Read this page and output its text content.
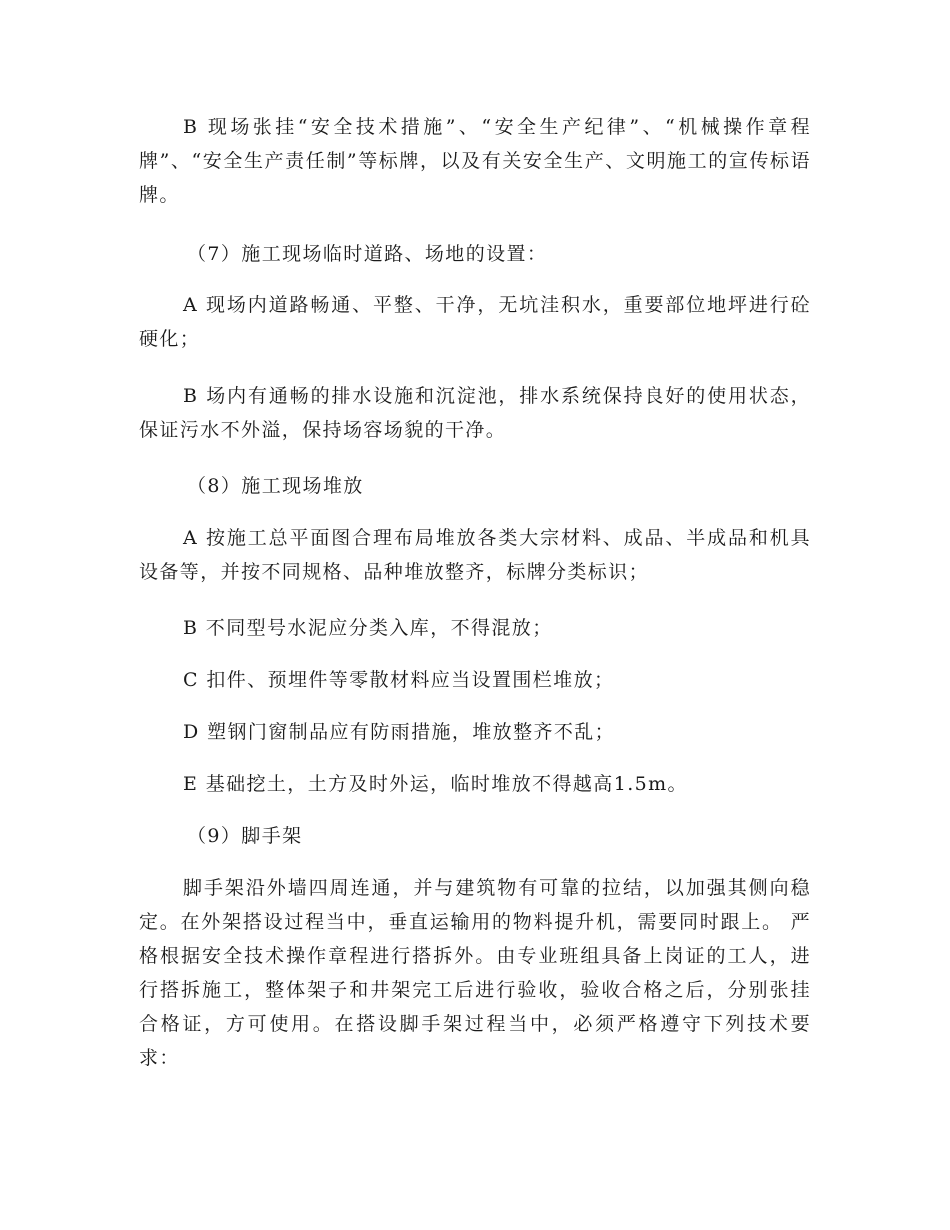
B 现场张挂“安全技术措施”、“安全生产纪律”、“机械操作章程牌”、“安全生产责任制”等标牌，以及有关安全生产、文明施工的宣传标语牌。

（7）施工现场临时道路、场地的设置：

A 现场内道路畅通、平整、干净，无坑洼积水，重要部位地坪进行砼硬化；

B 场内有通畅的排水设施和沉淀池，排水系统保持良好的使用状态，保证污水不外溢，保持场容场貌的干净。

（8）施工现场堆放

A 按施工总平面图合理布局堆放各类大宗材料、成品、半成品和机具设备等，并按不同规格、品种堆放整齐，标牌分类标识；

B 不同型号水泥应分类入库，不得混放；

C 扣件、预埋件等零散材料应当设置围栏堆放；

D 塑钢门窗制品应有防雨措施，堆放整齐不乱；

E 基础挖土，土方及时外运，临时堆放不得越高1.5m。

（9）脚手架

脚手架沿外墙四周连通，并与建筑物有可靠的拉结，以加强其侧向稳定。在外架搭设过程当中，垂直运输用的物料提升机，需要同时跟上。 严格根据安全技术操作章程进行搭拆外。由专业班组具备上岗证的工人，进行搭拆施工，整体架子和井架完工后进行验收，验收合格之后，分别张挂合格证，方可使用。在搭设脚手架过程当中，必须严格遵守下列技术要求：
